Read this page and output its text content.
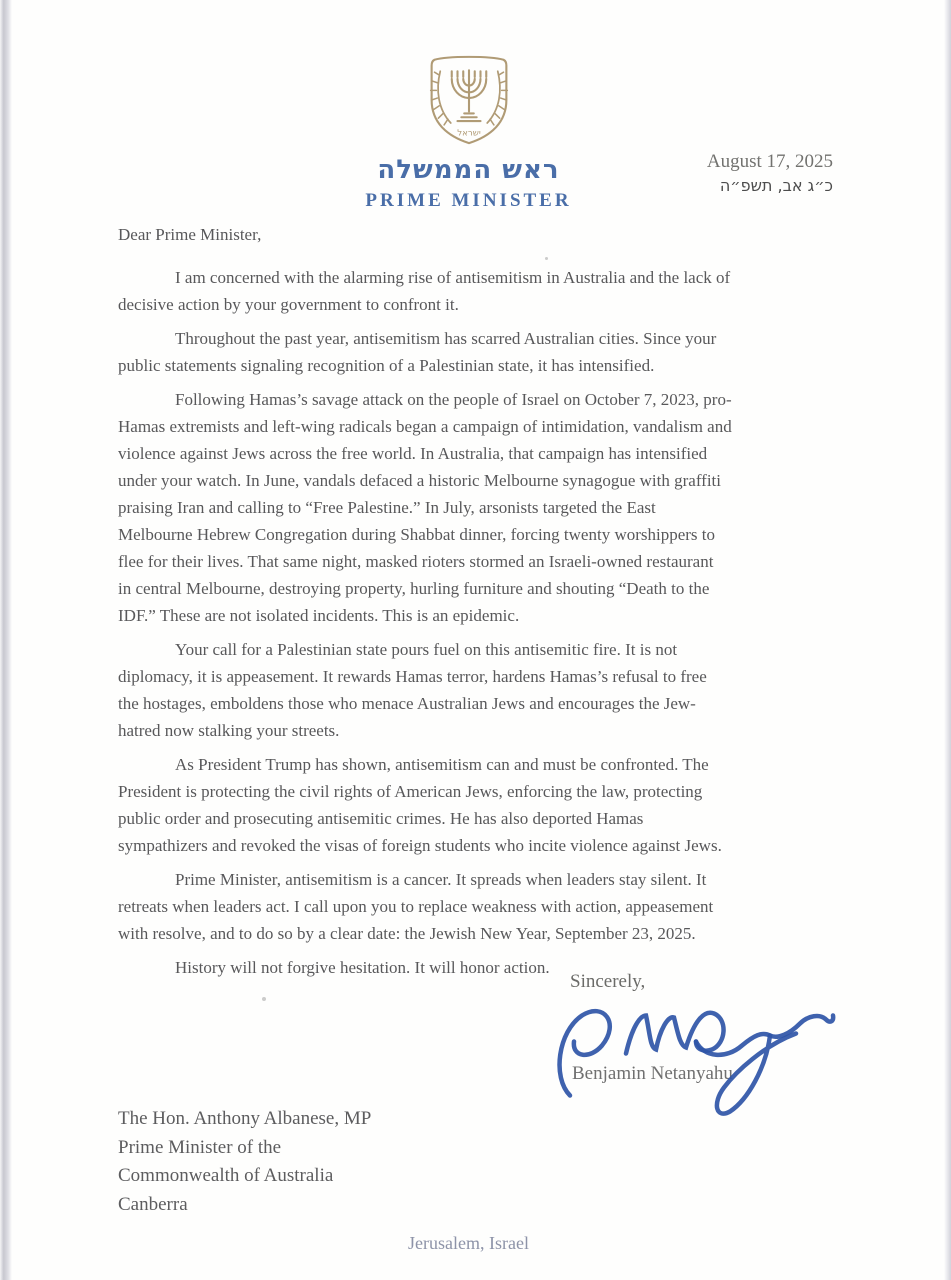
ישראל
ראש הממשלה
PRIME MINISTER
August 17, 2025
כ״ג אב, תשפ״ה

Dear Prime Minister,

I am concerned with the alarming rise of antisemitism in Australia and the lack of
decisive action by your government to confront it.

Throughout the past year, antisemitism has scarred Australian cities. Since your
public statements signaling recognition of a Palestinian state, it has intensified.

Following Hamas’s savage attack on the people of Israel on October 7, 2023, pro-
Hamas extremists and left-wing radicals began a campaign of intimidation, vandalism and
violence against Jews across the free world. In Australia, that campaign has intensified
under your watch. In June, vandals defaced a historic Melbourne synagogue with graffiti
praising Iran and calling to “Free Palestine.” In July, arsonists targeted the East
Melbourne Hebrew Congregation during Shabbat dinner, forcing twenty worshippers to
flee for their lives. That same night, masked rioters stormed an Israeli-owned restaurant
in central Melbourne, destroying property, hurling furniture and shouting “Death to the
IDF.” These are not isolated incidents. This is an epidemic.

Your call for a Palestinian state pours fuel on this antisemitic fire. It is not
diplomacy, it is appeasement. It rewards Hamas terror, hardens Hamas’s refusal to free
the hostages, emboldens those who menace Australian Jews and encourages the Jew-
hatred now stalking your streets.

As President Trump has shown, antisemitism can and must be confronted. The
President is protecting the civil rights of American Jews, enforcing the law, protecting
public order and prosecuting antisemitic crimes. He has also deported Hamas
sympathizers and revoked the visas of foreign students who incite violence against Jews.

Prime Minister, antisemitism is a cancer. It spreads when leaders stay silent. It
retreats when leaders act. I call upon you to replace weakness with action, appeasement
with resolve, and to do so by a clear date: the Jewish New Year, September 23, 2025.

History will not forgive hesitation. It will honor action.

Sincerely,
Benjamin Netanyahu
The Hon. Anthony Albanese, MP
Prime Minister of the
Commonwealth of Australia
Canberra
Jerusalem, Israel
